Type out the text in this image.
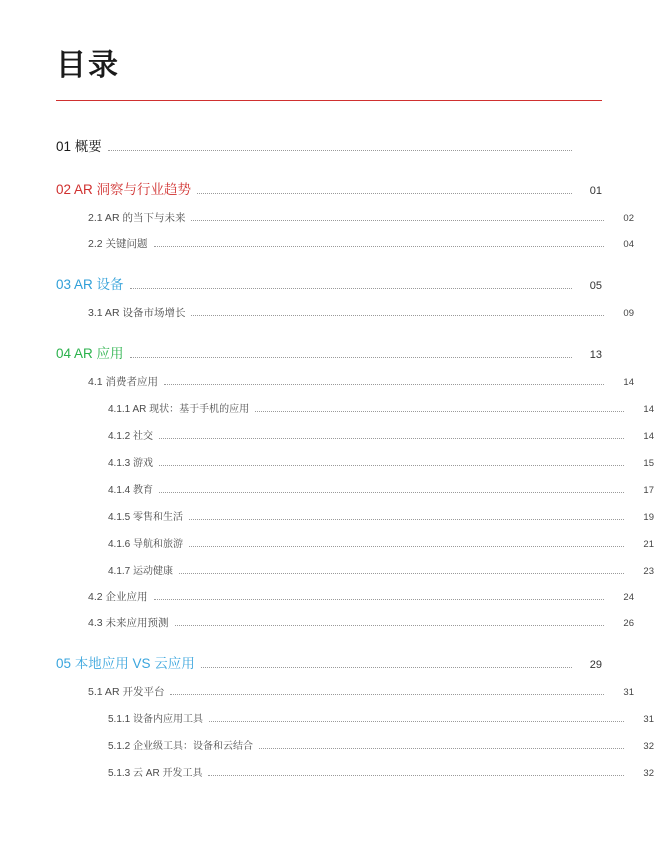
目录
01 概要
02 AR 洞察与行业趋势	01
2.1 AR 的当下与未来	02
2.2 关键问题	04
03 AR 设备	05
3.1 AR 设备市场增长	09
04 AR 应用	13
4.1 消费者应用	14
4.1.1 AR 现状：基于手机的应用	14
4.1.2 社交	14
4.1.3 游戏	15
4.1.4 教育	17
4.1.5 零售和生活	19
4.1.6 导航和旅游	21
4.1.7 运动健康	23
4.2 企业应用	24
4.3 未来应用预测	26
05 本地应用 VS 云应用	29
5.1 AR 开发平台	31
5.1.1 设备内应用工具	31
5.1.2 企业级工具：设备和云结合	32
5.1.3 云 AR 开发工具	32
